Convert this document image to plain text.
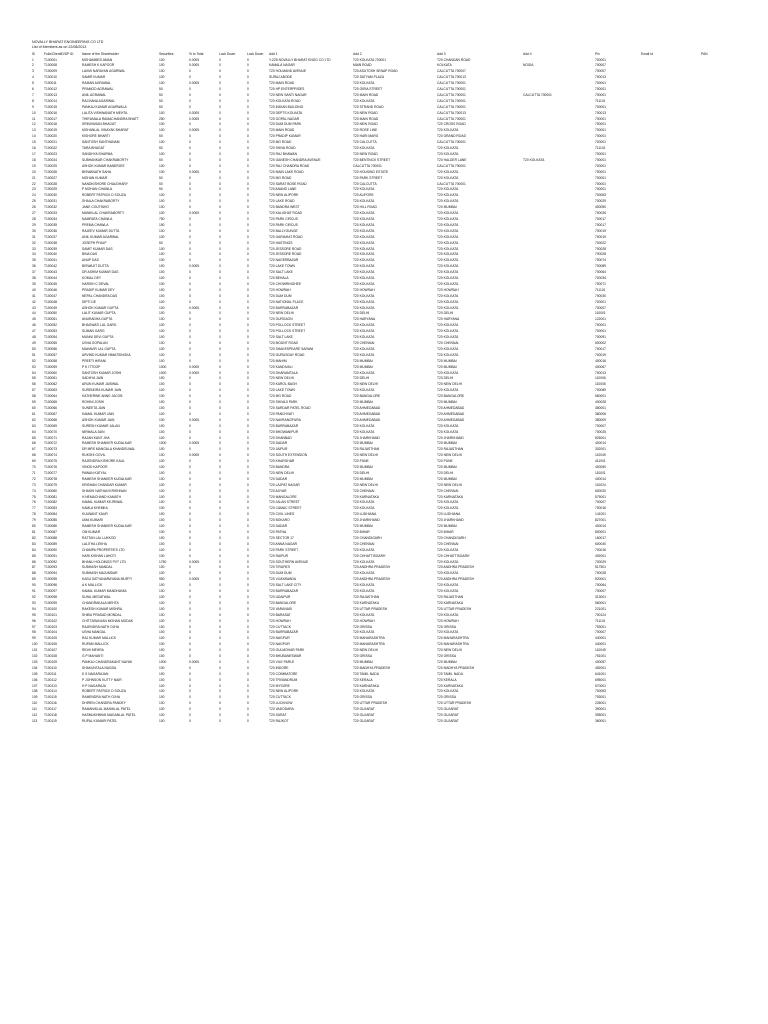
NOVALLY BHARAT ENGINEERING CO LTD
List of Members as on 22/08/2013
Sl	Folio/ClientID/DP ID	Name of the Shareholder	Securities	% to Total	Lock Down	Lock Down	Add 1	Add 2	Add 3	Add 4	Pin	Email Id	PAN
1	T100001	MOHAMMED AMAN	100	0.0005	0	0	Y-Z25 NOVALLY BHARAT ENGG CO LTD	T20 KOLKATA 700001	T20 CHANDAN ROAD		700001		
2	T100008	RAMESH K KAPOOR	100	0.0005	0	0	KAMALA NAGAR	MAIN ROAD	KOLKATA	NOIDA	700007		
3	T100009	LAXMI NARAYAN AGARWAL	100	0	0	0	T20 HOLMAND AVENUE	T20 ASUTOSH SENAP ROAD	CALCUTTA 700007		700007		
4	T100010	SAMIR KUMAR	100	0	0	0	SURAJ ABODE	T20 SATYAM PLAZA	CALCUTTA 700013		700013		
5	T100011	RAMAN AGRAWAL	100	0.0005	0	0	T20 MAIN ROAD	T20 KOLKATA	CALCUTTA 700001		700001		
6	T100012	PRAMOD AGRAWAL	50	0	0	0	T20 HP ENTERPRISES	T20 GIRIA STREET	CALCUTTA 700001		700001		
7	T100013	ANIL AGRAWAL	50	0	0	0	T20 NEW SANTI NAGAR	T20 MAIN ROAD	CALCUTTA 700001	CALCUTTA 700001	700001		
8	T100014	RACHANA AGARWAL	50	0	0	0	T20 KOLKATA ROAD	T20 KOLKATA	CALCUTTA 700001		711101		
9	T100015	PANKAJ KUMAR AGARWALA	50	0	0	0	T20 INDIAN BUILDING	T20 STRAND ROAD	CALCUTTA 700001		700001		
10	T100016	LALITA VISHWANATH MEHTA	100	0.0005	0	0	T20 DEPTS KOLKATA	T20 NEW ROAD	CALCUTTA 700013		700013		
11	T100017	THIRUMALA RAMACHANDRA BHATT	250	0.0005	0	0	T20 GOPAL NAGAR	T20 MAIN ROAD	CALCUTTA 700001		700001		
12	T100018	SRINIVASAN BHAGAT	100	0	0	0	T20 DUM DUM PARK	T20 NEW ROAD	T20 CROSS ROAD		700001		
13	T100019	MOHANLAL VINAYAK BHARAT	100	0.0005	0	0	T20 MAIN ROAD	T20 ROSE LINE	T20 KOLKATA		700001		
14	T100020	KISHORE BHARTI	50	0	0	0	T20 PRADIP KUMAR	T20 HARI MARG	T20 GRAND ROAD		700001		
15	T100021	SANTOSH SANTHANAM	100	0	0	0	T20 MG ROAD	T20 CALCUTTA	CALCUTTA 700001		700001		
16	T100022	TARA BHAGAT	50	0	0	0	T20 SHIVA ROAD	T20 KOLKATA	T20 KOLKATA		711101		
17	T100023	SANDHYA SHARMA	100	0	0	0	T20 RAJ BHAWAN	T20 NEW ROAD	T20 KOLKATA		700001		
18	T100024	SUBHANKAR CHAKRABORTY	50	0	0	0	T20 GANESH CHANDRA AVENUE	T20 BENTINCK STREET	T20 HALDER LANE	T20 KOLKATA	700001		
19	T100025	ASHOK KUMAR BANERJEE	100	0	0	0	T20 RAJ CHANDRA ROAD	CALCUTTA 700001	CALCUTTA 700001		700001		
20	T100026	BISWANATH SAHA	100	0.0005	0	0	T20 MAIN LAKE ROAD	T20 HOUSING ESTATE	T20 KOLKATA		700001		
21	T100027	MOHAN KUMAR	50	0	0	0	T20 MG ROAD	T20 PARK STREET	T20 KOLKATA		700001		
22	T100028	NANDKISHORE CHAUDHARY	50	0	0	0	T20 SARAT BOSE ROAD	T20 CALCUTTA	CALCUTTA 700001		700001		
23	T100029	P MOHAN CHAWLA	50	0	0	0	T20 ANAND LANE	T20 KOLKATA	T20 KOLKATA		700001		
24	T100030	ROBERT PATRICK D SOUZA	100	0	0	0	T20 NEW ALIPORE	T20 ALIPORE	T20 KOLKATA		700053		
25	T100031	SHAILA CHAKRABORTY	100	0	0	0	T20 LAKE ROAD	T20 KOLKATA	T20 KOLKATA		700029		
26	T100032	JANE COUTINHO	100	0	0	0	T20 BANDRA WEST	T20 HILL ROAD	T20 MUMBAI		400050		
27	T100033	MANIKLAL CHAKRABORTY	100	0.0005	0	0	T20 KALIGHAT ROAD	T20 KOLKATA	T20 KOLKATA		700026		
28	T100034	NAMRATA CHAWLA	750	0	0	0	T20 PARK CIRCUS	T20 KOLKATA	T20 KOLKATA		700017		
29	T100035	PREMA CHAWLA	150	0	0	0	T20 PARK CIRCUS	T20 KOLKATA	T20 KOLKATA		700017		
30	T100036	RAJEEV KUMAR DUTTA	100	0	0	0	T20 BALLYGUNGE	T20 KOLKATA	T20 KOLKATA		700019		
31	T100037	ANIL KUMAR AGARWAL	100	0	0	0	T20 GARIAHAT ROAD	T20 KOLKATA	T20 KOLKATA		700019		
32	T100038	JOSEPH PHILIP	50	0	0	0	T20 HASTINGS	T20 KOLKATA	T20 KOLKATA		700022		
33	T100039	SAMIT KUMAR DAS	100	0	0	0	T20 JESSORE ROAD	T20 KOLKATA	T20 KOLKATA		700028		
34	T100040	BINA DAS	100	0	0	0	T20 JESSORE ROAD	T20 KOLKATA	T20 KOLKATA		700028		
35	T100041	ANUP DAS	100	0	0	0	T20 NAGERBAZAR	T20 KOLKATA	T20 KOLKATA		700074		
36	T100042	BISWAJIT DUTTA	100	0.0005	0	0	T20 LAKE TOWN	T20 KOLKATA	T20 KOLKATA		700089		
37	T100043	DR ASHIM KUMAR DAS	100	0	0	0	T20 SALT LAKE	T20 KOLKATA	T20 KOLKATA		700064		
38	T100044	KOMAL DEY	100	0	0	0	T20 BEHALA	T20 KOLKATA	T20 KOLKATA		700034		
39	T100045	HARISH C DEVAL	100	0	0	0	T20 CHOWRINGHEE	T20 KOLKATA	T20 KOLKATA		700071		
40	T100046	PRADIP KUMAR DEY	100	0	0	0	T20 HOWRAH	T20 HOWRAH	T20 HOWRAH		711101		
41	T100047	NEPAL CHANDRA DAS	100	0	0	0	T20 DUM DUM	T20 KOLKATA	T20 KOLKATA		700030		
42	T100048	DIPTI DE	100	0	0	0	T20 NATIONAL PLACE	T20 KOLKATA	T20 KOLKATA		700001		
43	T100049	ASHOK KUMAR GUPTA	100	0.0005	0	0	T20 BURRABAZAR	T20 KOLKATA	T20 KOLKATA		700007		
44	T100050	LALIT KUMAR GUPTA	100	0	0	0	T20 NEW DELHI	T20 DELHI	T20 DELHI		110001		
45	T100051	ANURADHA GUPTA	100	0	0	0	T20 GURGAON	T20 HARYANA	T20 HARYANA		122001		
46	T100052	BHAGWATI LAL GARG	100	0	0	0	T20 POLLOCK STREET	T20 KOLKATA	T20 KOLKATA		700001		
47	T100053	SUMAN GARG	100	0	0	0	T20 POLLOCK STREET	T20 KOLKATA	T20 KOLKATA		700001		
48	T100054	MUNNI DEVI GUPTA	100	0	0	0	T20 SALT LAKE	T20 KOLKATA	T20 KOLKATA		700091		
49	T100055	USHA GOPALAN	100	0	0	0	T20 MOUNT ROAD	T20 CHENNAI	T20 CHENNAI		600002		
50	T100056	MAHAVIR LAL GUPTA	100	0	0	0	T20 SHAKESPEARE SARANI	T20 KOLKATA	T20 KOLKATA		700017		
51	T100057	ARVIND KUMAR HIMATSINGKA	100	0	0	0	T20 GURUSDAY ROAD	T20 KOLKATA	T20 KOLKATA		700019		
52	T100058	PREETI HIRANI	100	0	0	0	T20 MAHIM	T20 MUMBAI	T20 MUMBAI		400016		
53	T100059	P K ITTOOP	1000	0.0005	0	0	T20 KANDIVALI	T20 MUMBAI	T20 MUMBAI		400067		
54	T100060	SANTOSH KUMAR JOSHI	1000	0.0005	0	0	T20 DHARAMTALA	T20 KOLKATA	T20 KOLKATA		700013		
55	T100061	SADHYA JAIN	100	0	0	0	T20 NEW DELHI	T20 DELHI	T20 DELHI		110006		
56	T100062	ARUN KUMAR JAISWAL	100	0	0	0	T20 KAROL BAGH	T20 NEW DELHI	T20 NEW DELHI		110005		
57	T100063	SURENDRA KUMAR JAIN	100	0	0	0	T20 LAKE TOWN	T20 KOLKATA	T20 KOLKATA		700089		
58	T100064	KATHERINE ANNE JACOB	100	0	0	0	T20 MG ROAD	T20 BANGALORE	T20 BANGALORE		560001		
59	T100065	ROHINI JOSHI	100	0	0	0	T20 SHIVAJI PARK	T20 MUMBAI	T20 MUMBAI		400028		
60	T100066	SUNEETA JAIN	100	0	0	0	T20 SARDAR PATEL ROAD	T20 AHMEDABAD	T20 AHMEDABAD		380001		
61	T100067	KAMAL KUMAR JAIN	100	0	0	0	T20 PANCHVATI	T20 AHMEDABAD	T20 AHMEDABAD		380006		
62	T100068	ASHOK KUMAR JAIN	100	0.0005	0	0	T20 NAVRANGPURA	T20 AHMEDABAD	T20 AHMEDABAD		380009		
63	T100069	SURESH KUMAR JALAN	100	0	0	0	T20 BURRABAZAR	T20 KOLKATA	T20 KOLKATA		700007		
64	T100070	NIRMALA JAIN	100	0	0	0	T20 BHOWANIPUR	T20 KOLKATA	T20 KOLKATA		700025		
65	T100071	RAJAN KANT JHA	100	0	0	0	T20 DHANBAD	T20 JHARKHAND	T20 JHARKHAND		826001		
66	T100072	RAMESH SHANKER KUDALKAR	1000	0.0005	0	0	T20 DADAR	T20 MUMBAI	T20 MUMBAI		400014		
67	T100073	DR MRS MANGALA KHANDELWAL	100	0	0	0	T20 JAIPUR	T20 RAJASTHAN	T20 RAJASTHAN		302001		
68	T100074	RUKSHI GOVIL	100	0.0005	0	0	T20 SOUTH EXTENSION	T20 NEW DELHI	T20 NEW DELHI		110049		
69	T100075	RAJENDRA KISHORE KAUL	100	0	0	0	T20 KHARGHAR	T20 PUNE	T20 PUNE		411001		
70	T100076	VINOD KAPOOR	100	0	0	0	T20 BANDRA	T20 MUMBAI	T20 MUMBAI		400050		
71	T100077	PAWAN KATYAL	100	0	0	0	T20 NEW DELHI	T20 DELHI	T20 DELHI		110001		
72	T100078	RAMESH SHANKER KUDALKAR	100	0	0	0	T20 DADAR	T20 MUMBAI	T20 MUMBAI		400014		
73	T100079	KRISHAN CHANDAR KUMAR	100	0	0	0	T20 LAJPAT NAGAR	T20 NEW DELHI	T20 NEW DELHI		110024		
74	T100080	SHASHI NATHAN KRISHNAN	100	0	0	0	T20 ADYAR	T20 CHENNAI	T20 CHENNAI		600020		
75	T100081	H NEMACHAND KAMATH	100	0	0	0	T20 MANGALORE	T20 KARNATAKA	T20 KARNATAKA		575001		
76	T100082	KAMAL KUMAR KEJRIWAL	100	0	0	0	T20 JALAN STREET	T20 KOLKATA	T20 KOLKATA		700007		
77	T100083	KAMLA KHEMKA	100	0	0	0	T20 CAMAC STREET	T20 KOLKATA	T20 KOLKATA		700016		
78	T100084	KULWANT KAUR	100	0	0	0	T20 CIVIL LINES	T20 LUDHIANA	T20 LUDHIANA		141001		
79	T100085	UMA KUMARI	100	0	0	0	T20 BOKARO	T20 JHARKHAND	T20 JHARKHAND		827001		
80	T100086	RAMESH SHANKER KUDALKAR	100	0	0	0	T20 DADAR	T20 MUMBAI	T20 MUMBAI		400014		
81	T100087	OM KUMAR	100	0	0	0	T20 PATNA	T20 BIHAR	T20 BIHAR		800001		
82	T100088	RATTAN LAL LUKKOD	100	0	0	0	T20 SECTOR 17	T20 CHANDIGARH	T20 CHANDIGARH		160017		
83	T100089	LALITHA LEKHA	100	0	0	0	T20 ANNA NAGAR	T20 CHENNAI	T20 CHENNAI		600040		
84	T100090	CHAMPA PROPERTIES LTD	100	0	0	0	T20 PARK STREET	T20 KOLKATA	T20 KOLKATA		700016		
85	T100091	HARI KISHAN LAHOTI	100	0	0	0	T20 RAIPUR	T20 CHHATTISGARH	T20 CHHATTISGARH		492001		
86	T100092	BHANU HOLDINGS PVT LTD	1750	0.0005	0	0	T20 SOUTHERN AVENUE	T20 KOLKATA	T20 KOLKATA		700029		
87	T100093	SUBHASH MANDAL	100	0	0	0	T20 TIRUPATI	T20 ANDHRA PRADESH	T20 ANDHRA PRADESH		517501		
88	T100094	SUBHASH MAJUMDAR	100	0	0	0	T20 DUM DUM	T20 KOLKATA	T20 KOLKATA		700028		
89	T100095	KASU SATYANARAYANA MURTY	950	0.0005	0	0	T20 VIJAYAWADA	T20 ANDHRA PRADESH	T20 ANDHRA PRADESH		520001		
90	T100096	A K MALLICK	100	0	0	0	T20 SALT LAKE CITY	T20 KOLKATA	T20 KOLKATA		700064		
91	T100097	KAMAL KUMAR MANDHANIA	100	0	0	0	T20 BURRABAZAR	T20 KOLKATA	T20 KOLKATA		700007		
92	T100098	SUNIL MEDATWAL	100	0	0	0	T20 UDAIPUR	T20 RAJASTHAN	T20 RAJASTHAN		313001		
93	T100099	CHANDRAKALA MEHTA	100	0	0	0	T20 BANGALORE	T20 KARNATAKA	T20 KARNATAKA		560001		
94	T100100	RAKESH KUMAR MISHRA	100	0	0	0	T20 VARANASI	T20 UTTAR PRADESH	T20 UTTAR PRADESH		221001		
95	T100101	SHIBU PRASAD MONDAL	100	0	0	0	T20 BARASAT	T20 KOLKATA	T20 KOLKATA		700124		
96	T100102	CHITTARANJAN MOHAN MODAK	100	0	0	0	T20 HOWRAH	T20 HOWRAH	T20 HOWRAH		711101		
97	T100103	RAJENDRA NATH OJHA	100	0	0	0	T20 CUTTACK	T20 ORISSA	T20 ORISSA		753001		
98	T100104	USHA MANGAL	100	0	0	0	T20 BURRABAZAR	T20 KOLKATA	T20 KOLKATA		700007		
99	T100105	RAJ KUMAR MALLICK	100	0	0	0	T20 NAGPUR	T20 MAHARASHTRA	T20 MAHARASHTRA		440001		
100	T100106	RUPAM MALLICK	100	0	0	0	T20 NAGPUR	T20 MAHARASHTRA	T20 MAHARASHTRA		440001		
101	T100107	RIDHI MEHRA	100	0	0	0	T20 GULMOHAR PARK	T20 NEW DELHI	T20 NEW DELHI		110049		
102	T100108	G P MAHANTI	100	0	0	0	T20 BHUBANESWAR	T20 ORISSA	T20 ORISSA		751001		
103	T100109	PANKAJ CHANDRAKANT NAYAK	1000	0.0005	0	0	T20 VILE PARLE	T20 MUMBAI	T20 MUMBAI		400057		
104	T100110	SHAKUNTALA NAGDA	100	0	0	0	T20 INDORE	T20 MADHYA PRADESH	T20 MADHYA PRADESH		452001		
105	T100111	K S NAGARAJAN	100	0	0	0	T20 COIMBATORE	T20 TAMIL NADU	T20 TAMIL NADU		641001		
106	T100112	P JOHNSON KUTTY NAIR	100	0	0	0	T20 TRIVANDRUM	T20 KERALA	T20 KERALA		695001		
107	T100113	H P NAGARAJA	100	0	0	0	T20 MYSORE	T20 KARNATAKA	T20 KARNATAKA		570001		
108	T100114	ROBERT PATRICK D SOUZA	100	0	0	0	T20 NEW ALIPORE	T20 KOLKATA	T20 KOLKATA		700053		
109	T100115	RAMENDRA NATH OJHA	100	0	0	0	T20 CUTTACK	T20 ORISSA	T20 ORISSA		753001		
110	T100116	DHIREN CHANDRA PANDEY	100	0	0	0	T20 LUCKNOW	T20 UTTAR PRADESH	T20 UTTAR PRADESH		226001		
111	T100117	RAMANIKLAL MANIKLAL PATEL	100	0	0	0	T20 VADODARA	T20 GUJARAT	T20 GUJARAT		390001		
112	T100118	HASMUKHBHAI MAGANLAL PATEL	100	0	0	0	T20 SURAT	T20 GUJARAT	T20 GUJARAT		395001		
113	T100119	RUPAL KUMARI PATEL	100	0	0	0	T20 RAJKOT	T20 GUJARAT	T20 GUJARAT		360001		
